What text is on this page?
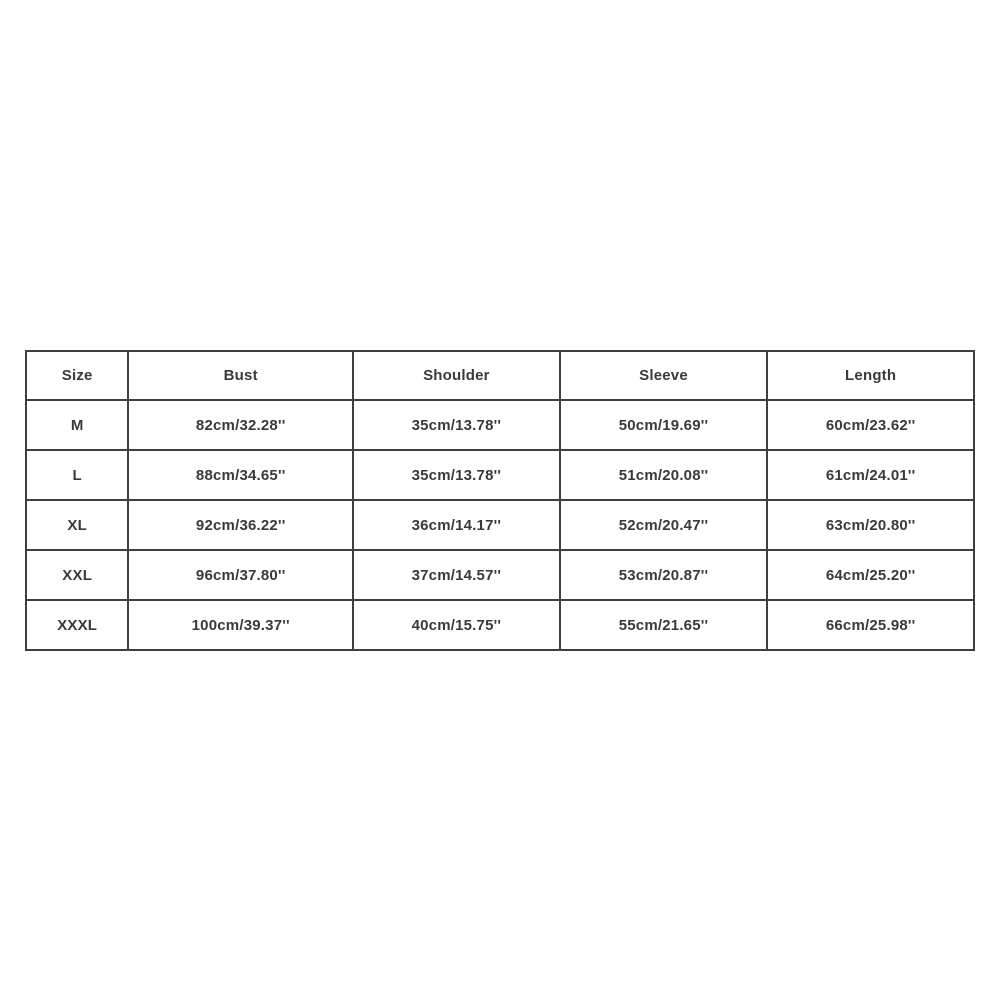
Size	Bust	Shoulder	Sleeve	Length
M	82cm/32.28''	35cm/13.78''	50cm/19.69''	60cm/23.62''
L	88cm/34.65''	35cm/13.78''	51cm/20.08''	61cm/24.01''
XL	92cm/36.22''	36cm/14.17''	52cm/20.47''	63cm/20.80''
XXL	96cm/37.80''	37cm/14.57''	53cm/20.87''	64cm/25.20''
XXXL	100cm/39.37''	40cm/15.75''	55cm/21.65''	66cm/25.98''
